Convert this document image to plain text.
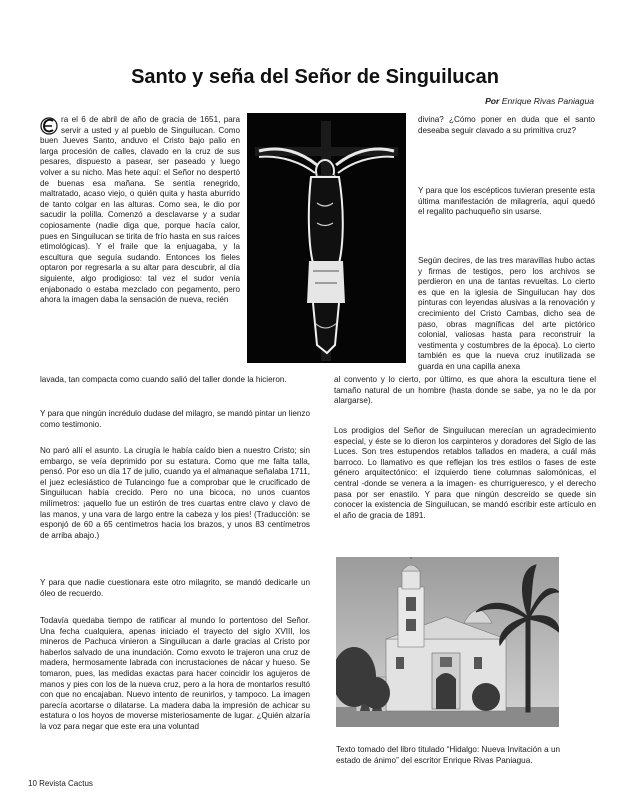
Santo y seña del Señor de Singuilucan
Por Enrique Rivas Paniagua
ra el 6 de abril de año de gracia de 1651, para servir a usted y al pueblo de Singuilucan. Como buen Jueves Santo, anduvo el Cristo bajo palio en larga procesión de calles, clavado en la cruz de sus pesares, dispuesto a pasear, ser paseado y luego volver a su nicho. Mas hete aquí: el Señor no despertó de buenas esa mañana. Se sentía renegrido, maltratado, acaso viejo, o quién quita y hasta aburrido de tanto colgar en las alturas. Como sea, le dio por sacudir la polilla. Comenzó a desclavarse y a sudar copiosamente (nadie diga que, porque hacía calor, pues en Singuilucan se tirita de frío hasta en sus raíces etimológicas). Y el fraile que la enjuagaba, y la escultura que seguía sudando. Entonces los fieles optaron por regresarla a su altar para descubrir, al día siguiente, algo prodigioso: tal vez el sudor venía enjabonado o estaba mezclado con pegamento, pero ahora la imagen daba la sensación de nueva, recién
lavada, tan compacta como cuando salió del taller donde la hicieron.
Y para que ningún incrédulo dudase del milagro, se mandó pintar un lienzo como testimonio.
No paró allí el asunto. La cirugía le había caído bien a nuestro Cristo; sin embargo, se veía deprimido por su estatura. Como que me falta talla, pensó. Por eso un día 17 de julio, cuando ya el almanaque señalaba 1711, el juez eclesiástico de Tulancingo fue a comprobar que le crucificado de Singuilucan había crecido. Pero no una bicoca, no unos cuantos milímetros: ¡aquello fue un estirón de tres cuartas entre clavo y clavo de las manos, y una vara de largo entre la cabeza y los pies! (Traducción: se esponjó de 60 a 65 centímetros hacia los brazos, y unos 83 centímetros de arriba abajo.)
Y para que nadie cuestionara este otro milagrito, se mandó dedicarle un óleo de recuerdo.
Todavía quedaba tiempo de ratificar al mundo lo portentoso del Señor. Una fecha cualquiera, apenas iniciado el trayecto del siglo XVIII, los mineros de Pachuca vinieron a Singuilucan a darle gracias al Cristo por haberlos salvado de una inundación. Como exvoto le trajeron una cruz de madera, hermosamente labrada con incrustaciones de nácar y hueso. Se tomaron, pues, las medidas exactas para hacer coincidir los agujeros de manos y pies con los de la nueva cruz, pero a la hora de montarlos resultó con que no encajaban. Nuevo intento de reunirlos, y tampoco. La imagen parecía acortarse o dilatarse. La madera daba la impresión de achicar su estatura o los hoyos de moverse misteriosamente de lugar. ¿Quién alzaría la voz para negar que este era una voluntad
divina? ¿Cómo poner en duda que el santo deseaba seguir clavado a su primitiva cruz?
Y para que los escépticos tuvieran presente esta última manifestación de milagrería, aquí quedó el regalito pachuqueño sin usarse.
Según decires, de las tres maravillas hubo actas y firmas de testigos, pero los archivos se perdieron en una de tantas revueltas. Lo cierto es que en la iglesia de Singuilucan hay dos pinturas con leyendas alusivas a la renovación y crecimiento del Cristo Cambas, dicho sea de paso, obras magníficas del arte pictórico colonial, valiosas hasta para reconstruir la vestimenta y costumbres de la época). Lo cierto también es que la nueva cruz inutilizada se guarda en una capilla anexa
al convento y lo cierto, por último, es que ahora la escultura tiene el tamaño natural de un hombre (hasta donde se sabe, ya no le da por alargarse).
Los prodigios del Señor de Singuilucan merecían un agradecimiento especial, y éste se lo dieron los carpinteros y doradores del Siglo de las Luces. Son tres estupendos retablos tallados en madera, a cuál más barroco. Lo llamativo es que reflejan los tres estilos o fases de este género arquitectónico: el izquierdo tiene columnas salomónicas, el central -donde se venera a la imagen- es churrigueresco, y el derecho pasa por ser enastilo. Y para que ningún descreído se quede sin conocer la existencia de Singuilucan, se mandó escribir este artículo en el año de gracia de 1891.
Texto tomado del libro titulado “Hidalgo: Nueva Invitación a un estado de ánimo” del escritor Enrique Rivas Paniagua.
10 Revista Cactus
